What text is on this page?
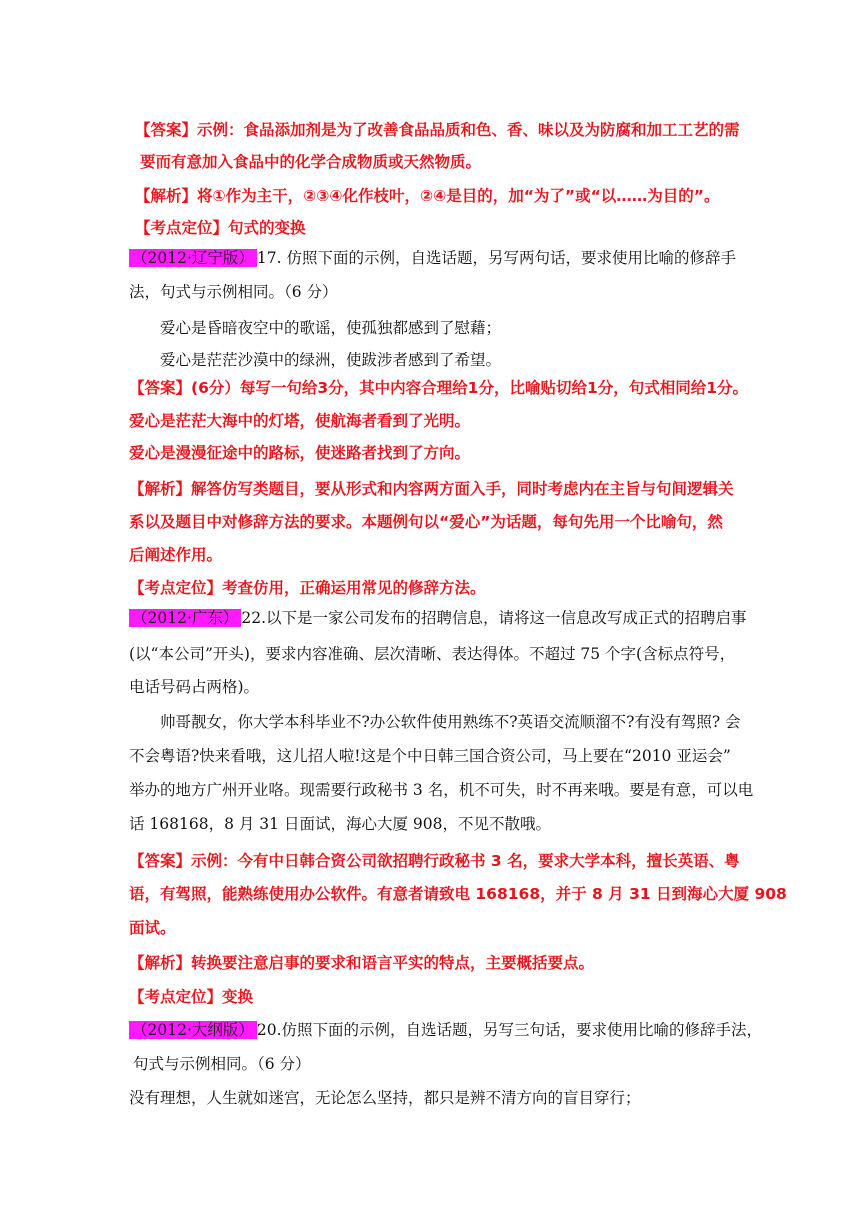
【答案】示例：食品添加剂是为了改善食品品质和色、香、味以及为防腐和加工工艺的需
要而有意加入食品中的化学合成物质或天然物质。
【解析】将①作为主干，②③④化作枝叶，②④是目的，加“为了”或“以……为目的”。
【考点定位】句式的变换
（2012·辽宁版） 17. 仿照下面的示例，自选话题，另写两句话，要求使用比喻的修辞手
法，句式与示例相同。（6 分）
爱心是昏暗夜空中的歌谣，使孤独都感到了慰藉；
爱心是茫茫沙漠中的绿洲，使跋涉者感到了希望。
【答案】(6分）每写一句给3分，其中内容合理给1分，比喻贴切给1分，句式相同给1分。
爱心是茫茫大海中的灯塔，使航海者看到了光明。
爱心是漫漫征途中的路标，使迷路者找到了方向。
【解析】解答仿写类题目，要从形式和内容两方面入手，同时考虑内在主旨与句间逻辑关
系以及题目中对修辞方法的要求。本题例句以“爱心”为话题，每句先用一个比喻句，然
后阐述作用。
【考点定位】考查仿用，正确运用常见的修辞方法。
（2012·广东） 22.以下是一家公司发布的招聘信息，请将这一信息改写成正式的招聘启事
(以“本公司”开头)，要求内容准确、层次清晰、表达得体。不超过 75 个字(含标点符号，
电话号码占两格)。
帅哥靓女，你大学本科毕业不?办公软件使用熟练不?英语交流顺溜不?有没有驾照? 会
不会粤语?快来看哦，这儿招人啦!这是个中日韩三国合资公司，马上要在“2010 亚运会”
举办的地方广州开业咯。现需要行政秘书 3 名，机不可失，时不再来哦。要是有意，可以电
话 168168，8 月 31 日面试，海心大厦 908，不见不散哦。
【答案】示例：今有中日韩合资公司欲招聘行政秘书 3 名，要求大学本科，擅长英语、粤
语，有驾照，能熟练使用办公软件。有意者请致电 168168，并于 8 月 31 日到海心大厦 908
面试。
【解析】转换要注意启事的要求和语言平实的特点，主要概括要点。
【考点定位】变换
（2012·大纲版） 20.仿照下面的示例，自选话题，另写三句话，要求使用比喻的修辞手法，
句式与示例相同。（6 分）
没有理想，人生就如迷宫，无论怎么坚持，都只是辨不清方向的盲目穿行；
